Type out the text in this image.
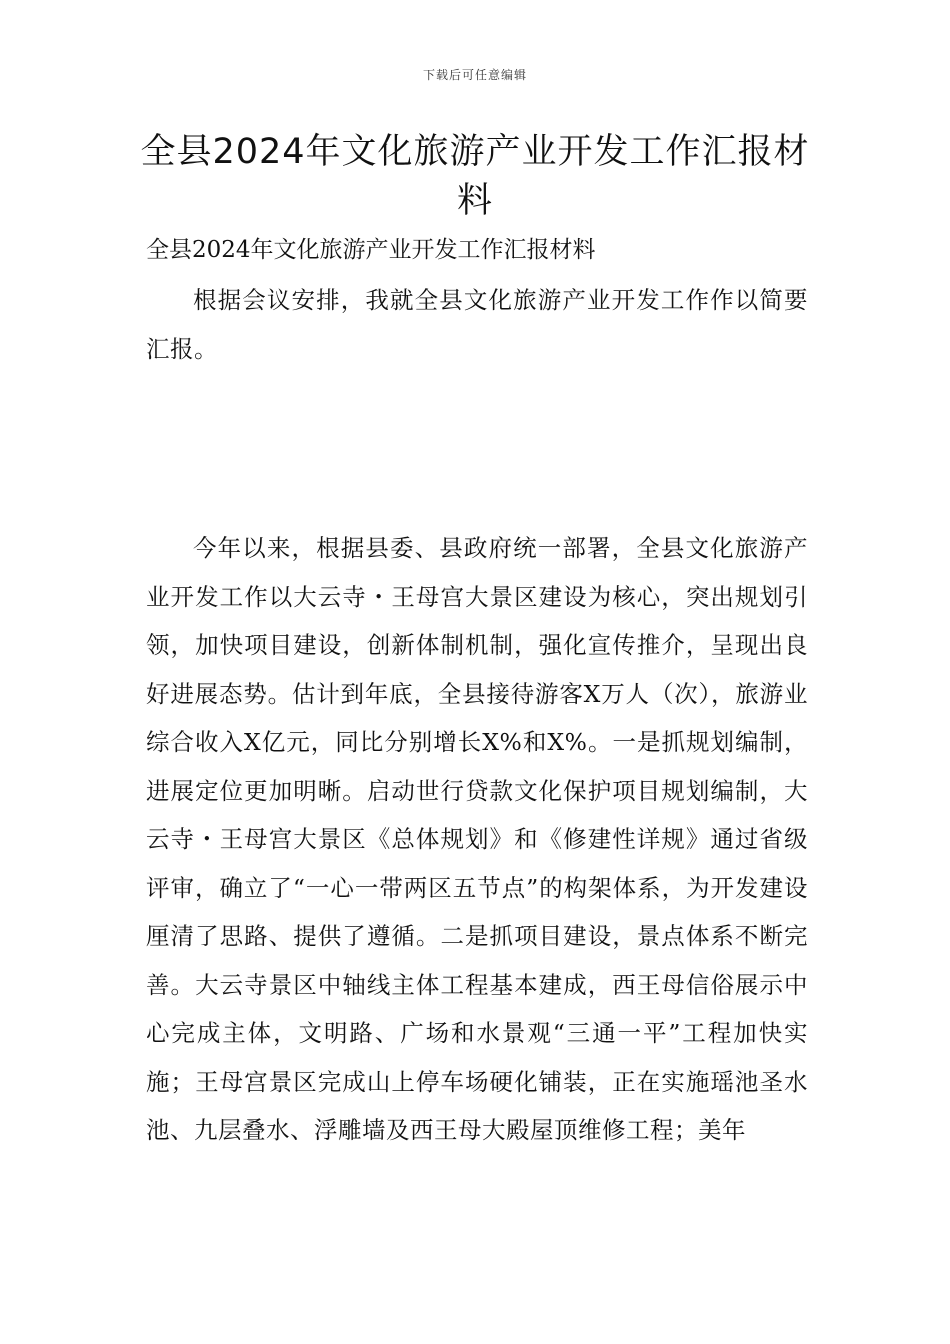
下载后可任意编辑
全县2024年文化旅游产业开发工作汇报材料
全县2024年文化旅游产业开发工作汇报材料

根据会议安排，我就全县文化旅游产业开发工作作以简要汇报。

今年以来，根据县委、县政府统一部署，全县文化旅游产业开发工作以大云寺・王母宫大景区建设为核心，突出规划引领，加快项目建设，创新体制机制，强化宣传推介，呈现出良好进展态势。估计到年底，全县接待游客X万人（次），旅游业综合收入X亿元，同比分别增长X%和X%。一是抓规划编制，进展定位更加明晰。启动世行贷款文化保护项目规划编制，大云寺・王母宫大景区《总体规划》和《修建性详规》通过省级评审，确立了“一心一带两区五节点”的构架体系，为开发建设厘清了思路、提供了遵循。二是抓项目建设，景点体系不断完善。大云寺景区中轴线主体工程基本建成，西王母信俗展示中心完成主体，文明路、广场和水景观“三通一平”工程加快实施；王母宫景区完成山上停车场硬化铺装，正在实施瑶池圣水池、九层叠水、浮雕墙及西王母大殿屋顶维修工程；美年
